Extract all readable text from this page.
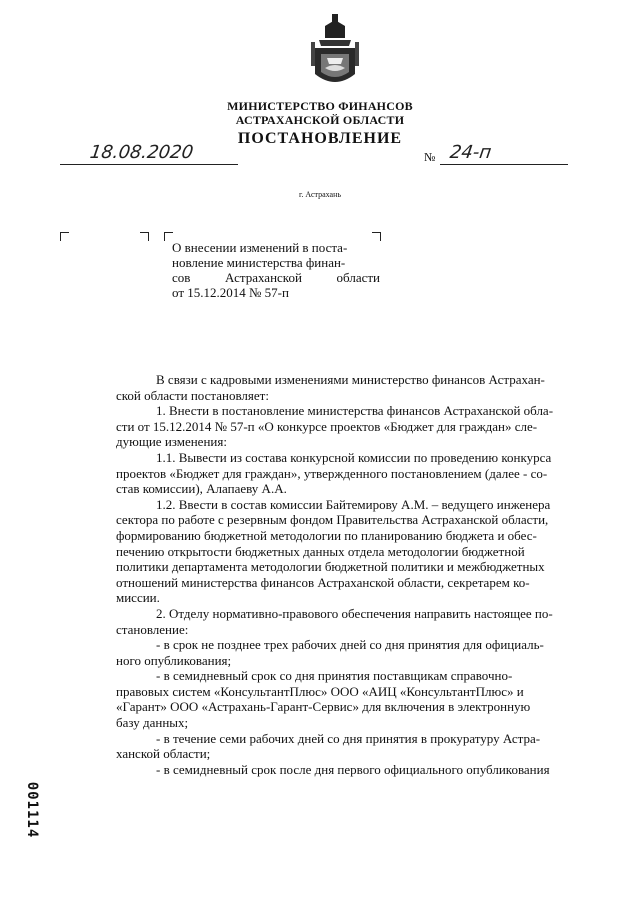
МИНИСТЕРСТВО ФИНАНСОВ
АСТРАХАНСКОЙ ОБЛАСТИ
ПОСТАНОВЛЕНИЕ
18.08.2020	№ 24-п
г. Астрахань
О внесении изменений в поста-
новление министерства финан-
сов Астраханской области
от 15.12.2014 № 57-п
В связи с кадровыми изменениями министерство финансов Астрахан-
ской области постановляет:
1. Внести в постановление министерства финансов Астраханской обла-
сти от 15.12.2014 № 57-п «О конкурсе проектов «Бюджет для граждан» сле-
дующие изменения:
1.1. Вывести из состава конкурсной комиссии по проведению конкурса
проектов «Бюджет для граждан», утвержденного постановлением (далее - со-
став комиссии), Алапаеву А.А.
1.2. Ввести в состав комиссии Байтемирову А.М. – ведущего инженера
сектора по работе с резервным фондом Правительства Астраханской области,
формированию бюджетной методологии по планированию бюджета и обес-
печению открытости бюджетных данных отдела методологии бюджетной
политики департамента методологии бюджетной политики и межбюджетных
отношений министерства финансов Астраханской области, секретарем ко-
миссии.
2. Отделу нормативно-правового обеспечения направить настоящее по-
становление:
- в срок не позднее трех рабочих дней со дня принятия для официаль-
ного опубликования;
- в семидневный срок со дня принятия поставщикам справочно-
правовых систем «КонсультантПлюс» ООО «АИЦ «КонсультантПлюс» и
«Гарант» ООО «Астрахань-Гарант-Сервис» для включения в электронную
базу данных;
- в течение семи рабочих дней со дня принятия в прокуратуру Астра-
ханской области;
- в семидневный срок после дня первого официального опубликования
001114
